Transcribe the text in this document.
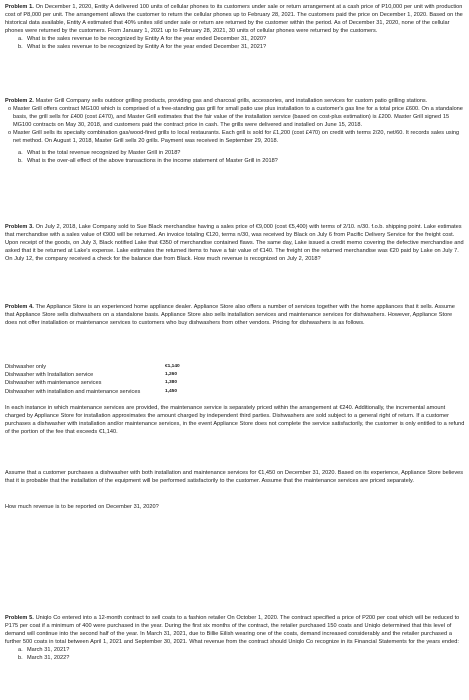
Problem 1. On December 1, 2020, Entity A delivered 100 units of cellular phones to its customers under sale or return arrangement at a cash price of P10,000 per unit with production cost of P8,000 per unit. The arrangement allows the customer to return the cellular phones up to February 28, 2021. The customers paid the price on December 1, 2020. Based on the historical data available, Entity A estimated that 40% unites sild under sale or return are returned by the customer within the period. As of December 31, 2020, none of the cellular phones were returned by the customers. From January 1, 2021 up to February 28, 2021, 30 units of cellular phones were returned by the customers.
a. What is the sales revenue to be recognized by Entity A for the year ended December 31, 2020?
b. What is the sales revenue to be recognized by Entity A for the year ended December 31, 2021?
Problem 2. Master Grill Company sells outdoor grilling products, providing gas and charcoal grills, accessories, and installation services for custom patio grilling stations.
o Master Grill offers contract MG100 which is comprised of a free-standing gas grill for small patio use plus installation to a customer's gas line for a total price £600. On a standalone basis, the grill sells for £400 (cost £470), and Master Grill estimates that the fair value of the installation service (based on cost-plus estimation) is £200. Master Grill signed 15 MG100 contracts on May 30, 2018, and customers paid the contract price in cash. The grills were delivered and installed on June 15, 2018.
o Master Grill sells its specialty combination gas/wood-fired grills to local restaurants. Each grill is sold for £1,200 (cost £470) on credit with terms 2/20, net/60. It records sales using net method. On August 1, 2018, Master Grill sells 20 grills. Payment was received in September 29, 2018.
a. What is the total revenue recognized by Master Grill in 2018?
b. What is the over-all effect of the above transactions in the income statement of Master Grill in 2018?
Problem 3. On July 2, 2018, Lake Company sold to Sue Black merchandise having a sales price of €9,000 (cost €5,400) with terms of 2/10. n/30. f.o.b. shipping point. Lake estimates that merchandise with a sales value of €900 will be returned. An invoice totaling €120, terms n/30, was received by Black on July 6 from Pacific Delivery Service for the freight cost. Upon receipt of the goods, on July 3, Black notified Lake that €350 of merchandise contained flaws. The same day, Lake issued a credit memo covering the defective merchandise and asked that it be returned at Lake's expense. Lake estimates the returned items to have a fair value of €140. The freight on the returned merchandise was €20 paid by Lake on July 7. On July 12, the company received a check for the balance due from Black. How much revenue is recognized on July 2, 2018?
Problem 4. The Appliance Store is an experienced home appliance dealer. Appliance Store also offers a number of services together with the home appliances that it sells. Assume that Appliance Store sells dishwashers on a standalone basis. Appliance Store also sells installation services and maintenance services for dishwashers. However, Appliance Store does not offer installation or maintenance services to customers who buy dishwashers from other vendors. Pricing for dishwashers is as follows.
Dishwasher only	€1,140
Dishwasher with Installation service	1,260
Dishwasher with maintenance services	1,380
Dishwasher with installation and maintenance services	1,450
In each instance in which maintenance services are provided, the maintenance service is separately priced within the arrangement at €240. Additionally, the incremental amount charged by Appliance Store for installation approximates the amount charged by independent third parties. Dishwashers are sold subject to a general right of return. If a customer purchases a dishwasher with installation and/or maintenance services, in the event Appliance Store does not complete the service satisfactorily, the customer is only entitled to a refund of the portion of the fee that exceeds €1,140.
Assume that a customer purchases a dishwasher with both installation and maintenance services for €1,450 on December 31, 2020. Based on its experience, Appliance Store believes that it is probable that the installation of the equipment will be performed satisfactorily to the customer. Assume that the maintenance services are priced separately.
How much revenue is to be reported on December 31, 2020?
Problem 5. Uniqlo Co entered into a 12-month contract to sell coats to a fashion retailer On October 1, 2020. The contract specified a price of P200 per coat which will be reduced to P175 per coat if a minimum of 400 were purchased in the year. During the first six months of the contract, the retailer purchased 150 coats and Uniqlo determined that this level of demand will continue into the second half of the year. In March 31, 2021, due to Billie Eilish wearing one of the coats, demand increased considerably and the retailer purchased a further 500 coats in total between April 1, 2021 and September 30, 2021. What revenue from the contract should Uniqlo Co recognize in its Financial Statements for the years ended:
a. March 31, 2021?
b. March 31, 2022?
